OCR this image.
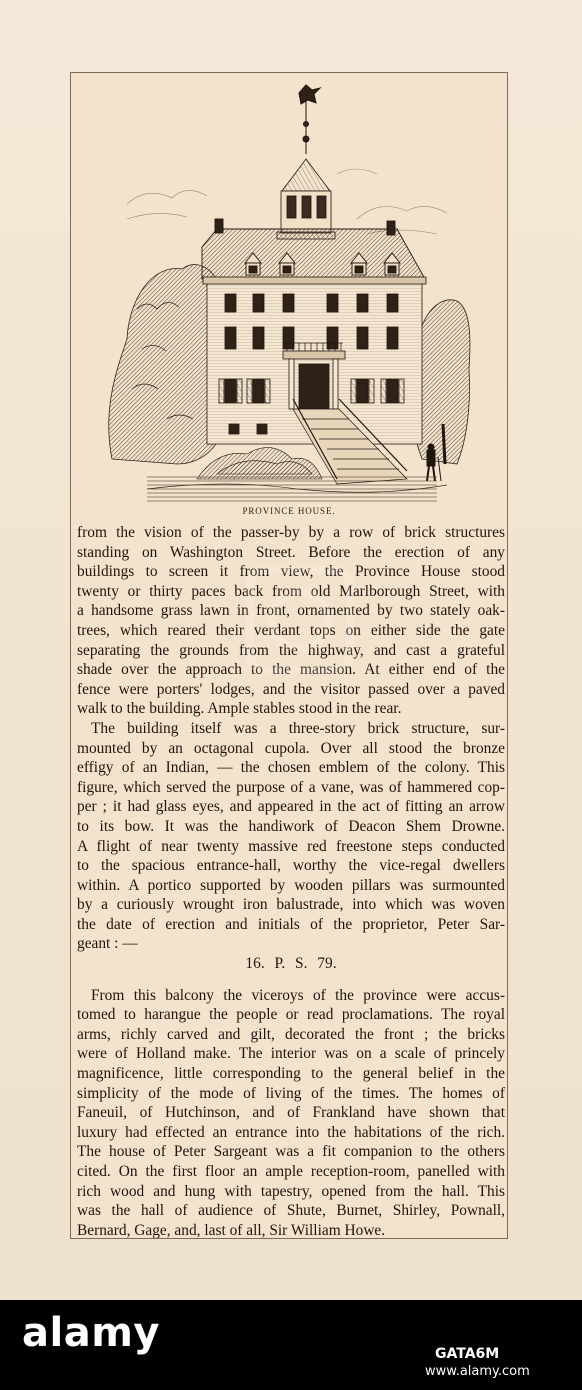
PROVINCE HOUSE.
from the vision of the passer-by by a row of brick structures
standing on Washington Street. Before the erection of any
buildings to screen it from view, the Province House stood
twenty or thirty paces back from old Marlborough Street, with
a handsome grass lawn in front, ornamented by two stately oak-
trees, which reared their verdant tops on either side the gate
separating the grounds from the highway, and cast a grateful
shade over the approach to the mansion. At either end of the
fence were porters' lodges, and the visitor passed over a paved
walk to the building. Ample stables stood in the rear.
The building itself was a three-story brick structure, sur-
mounted by an octagonal cupola. Over all stood the bronze
effigy of an Indian, — the chosen emblem of the colony. This
figure, which served the purpose of a vane, was of hammered cop-
per ; it had glass eyes, and appeared in the act of fitting an arrow
to its bow. It was the handiwork of Deacon Shem Drowne.
A flight of near twenty massive red freestone steps conducted
to the spacious entrance-hall, worthy the vice-regal dwellers
within. A portico supported by wooden pillars was surmounted
by a curiously wrought iron balustrade, into which was woven
the date of erection and initials of the proprietor, Peter Sar-
geant : —
16. P. S. 79.
From this balcony the viceroys of the province were accus-
tomed to harangue the people or read proclamations. The royal
arms, richly carved and gilt, decorated the front ; the bricks
were of Holland make. The interior was on a scale of princely
magnificence, little corresponding to the general belief in the
simplicity of the mode of living of the times. The homes of
Faneuil, of Hutchinson, and of Frankland have shown that
luxury had effected an entrance into the habitations of the rich.
The house of Peter Sargeant was a fit companion to the others
cited. On the first floor an ample reception-room, panelled with
rich wood and hung with tapestry, opened from the hall. This
was the hall of audience of Shute, Burnet, Shirley, Pownall,
Bernard, Gage, and, last of all, Sir William Howe.
alamy	GATA6M
www.alamy.com
